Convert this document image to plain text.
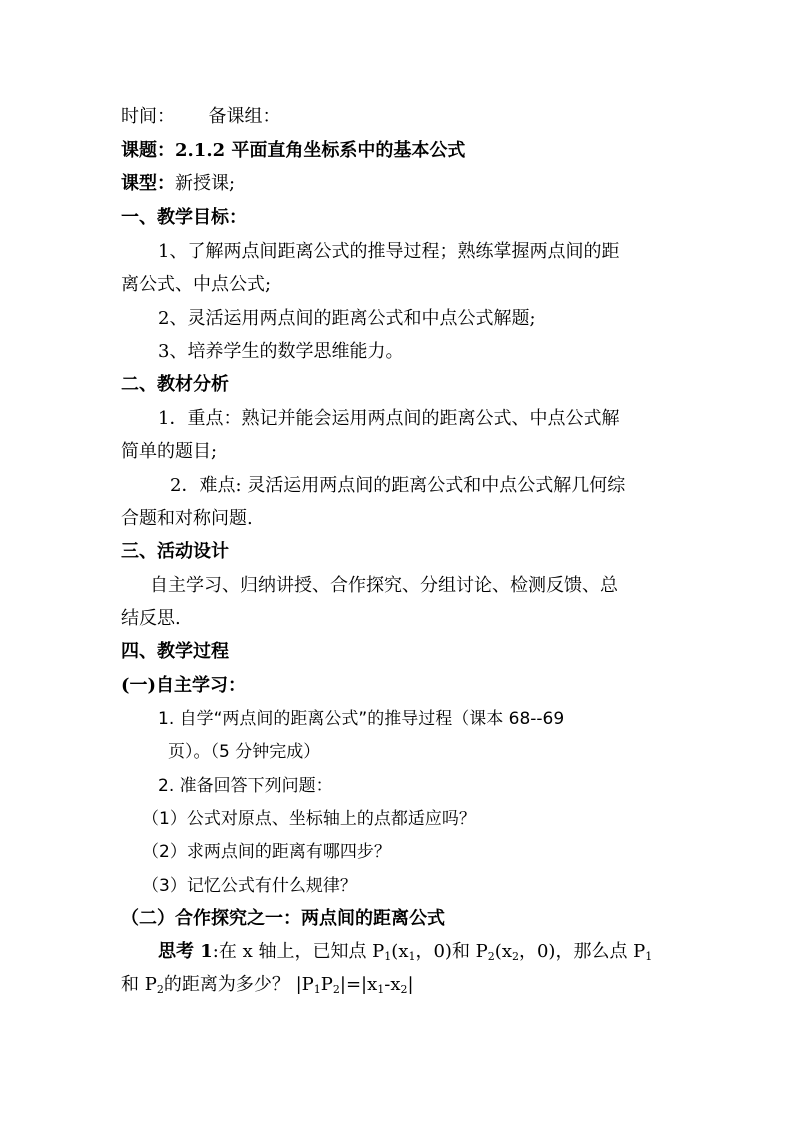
时间： 备课组：
课题：2.1.2 平面直角坐标系中的基本公式
课型：新授课;
一、教学目标：
1、了解两点间距离公式的推导过程；熟练掌握两点间的距
离公式、中点公式;
2、灵活运用两点间的距离公式和中点公式解题;
3、培养学生的数学思维能力。
二、教材分析
1．重点：熟记并能会运用两点间的距离公式、中点公式解
简单的题目;
2．难点: 灵活运用两点间的距离公式和中点公式解几何综
合题和对称问题.
三、活动设计
自主学习、归纳讲授、合作探究、分组讨论、检测反馈、总
结反思.
四、教学过程
(一)自主学习：
1. 自学“两点间的距离公式”的推导过程（课本 68--69
页）。（5 分钟完成）
2. 准备回答下列问题：
（1）公式对原点、坐标轴上的点都适应吗？
（2）求两点间的距离有哪四步？
（3）记忆公式有什么规律？
（二）合作探究之一：两点间的距离公式
思考 1:在 x 轴上，已知点 $P_1(x_1$，0)和 $P_2(x_2$，0)，那么点 $P_1$
和 $P_2$的距离为多少？ $|P_1P_2|=|x_1-x_2|$
